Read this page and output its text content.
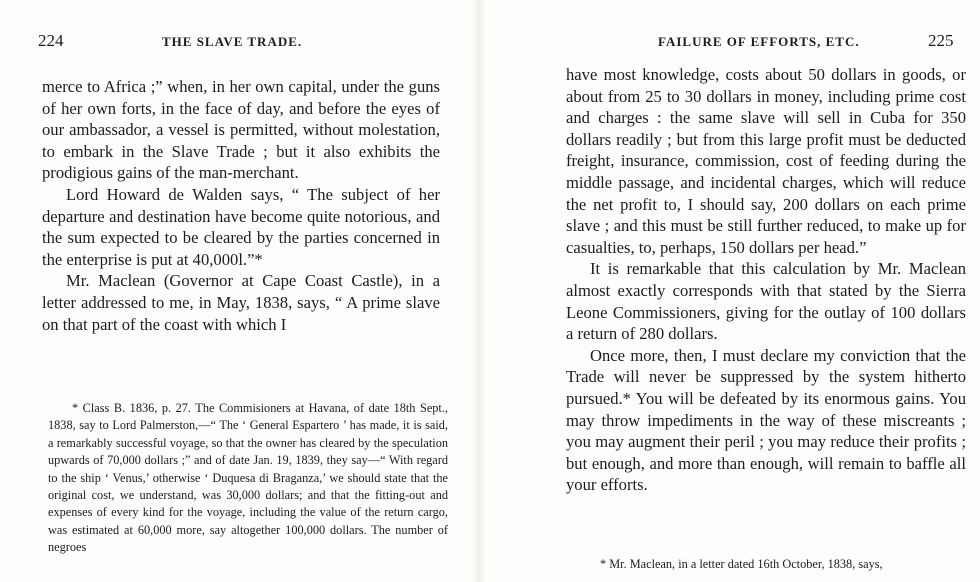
224	THE SLAVE TRADE.

merce to Africa ;” when, in her own capital, under the guns of her own forts, in the face of day, and before the eyes of our ambassador, a vessel is permitted, without molestation, to embark in the Slave Trade ; but it also exhibits the prodigious gains of the man-merchant.

Lord Howard de Walden says, “ The subject of her departure and destination have become quite notorious, and the sum expected to be cleared by the parties concerned in the enterprise is put at 40,000l.”*

Mr. Maclean (Governor at Cape Coast Castle), in a letter addressed to me, in May, 1838, says, “ A prime slave on that part of the coast with which I

* Class B. 1836, p. 27. The Commisioners at Havana, of date 18th Sept., 1838, say to Lord Palmerston,—“ The ‘ General Espartero ’ has made, it is said, a remarkably successful voyage, so that the owner has cleared by the speculation upwards of 70,000 dollars ;” and of date Jan. 19, 1839, they say—“ With regard to the ship ‘ Venus,’ otherwise ‘ Duquesa di Braganza,’ we should state that the original cost, we understand, was 30,000 dollars; and that the fitting-out and expenses of every kind for the voyage, including the value of the return cargo, was estimated at 60,000 more, say altogether 100,000 dollars. The number of negroes

FAILURE OF EFFORTS, ETC.	225

have most knowledge, costs about 50 dollars in goods, or about from 25 to 30 dollars in money, including prime cost and charges : the same slave will sell in Cuba for 350 dollars readily ; but from this large profit must be deducted freight, insurance, commission, cost of feeding during the middle passage, and incidental charges, which will reduce the net profit to, I should say, 200 dollars on each prime slave ; and this must be still further reduced, to make up for casualties, to, perhaps, 150 dollars per head.”

It is remarkable that this calculation by Mr. Maclean almost exactly corresponds with that stated by the Sierra Leone Commissioners, giving for the outlay of 100 dollars a return of 280 dollars.

Once more, then, I must declare my conviction that the Trade will never be suppressed by the system hitherto pursued.* You will be defeated by its enormous gains. You may throw impediments in the way of these miscreants ; you may augment their peril ; you may reduce their profits ; but enough, and more than enough, will remain to baffle all your efforts.

* Mr. Maclean, in a letter dated 16th October, 1838, says,
